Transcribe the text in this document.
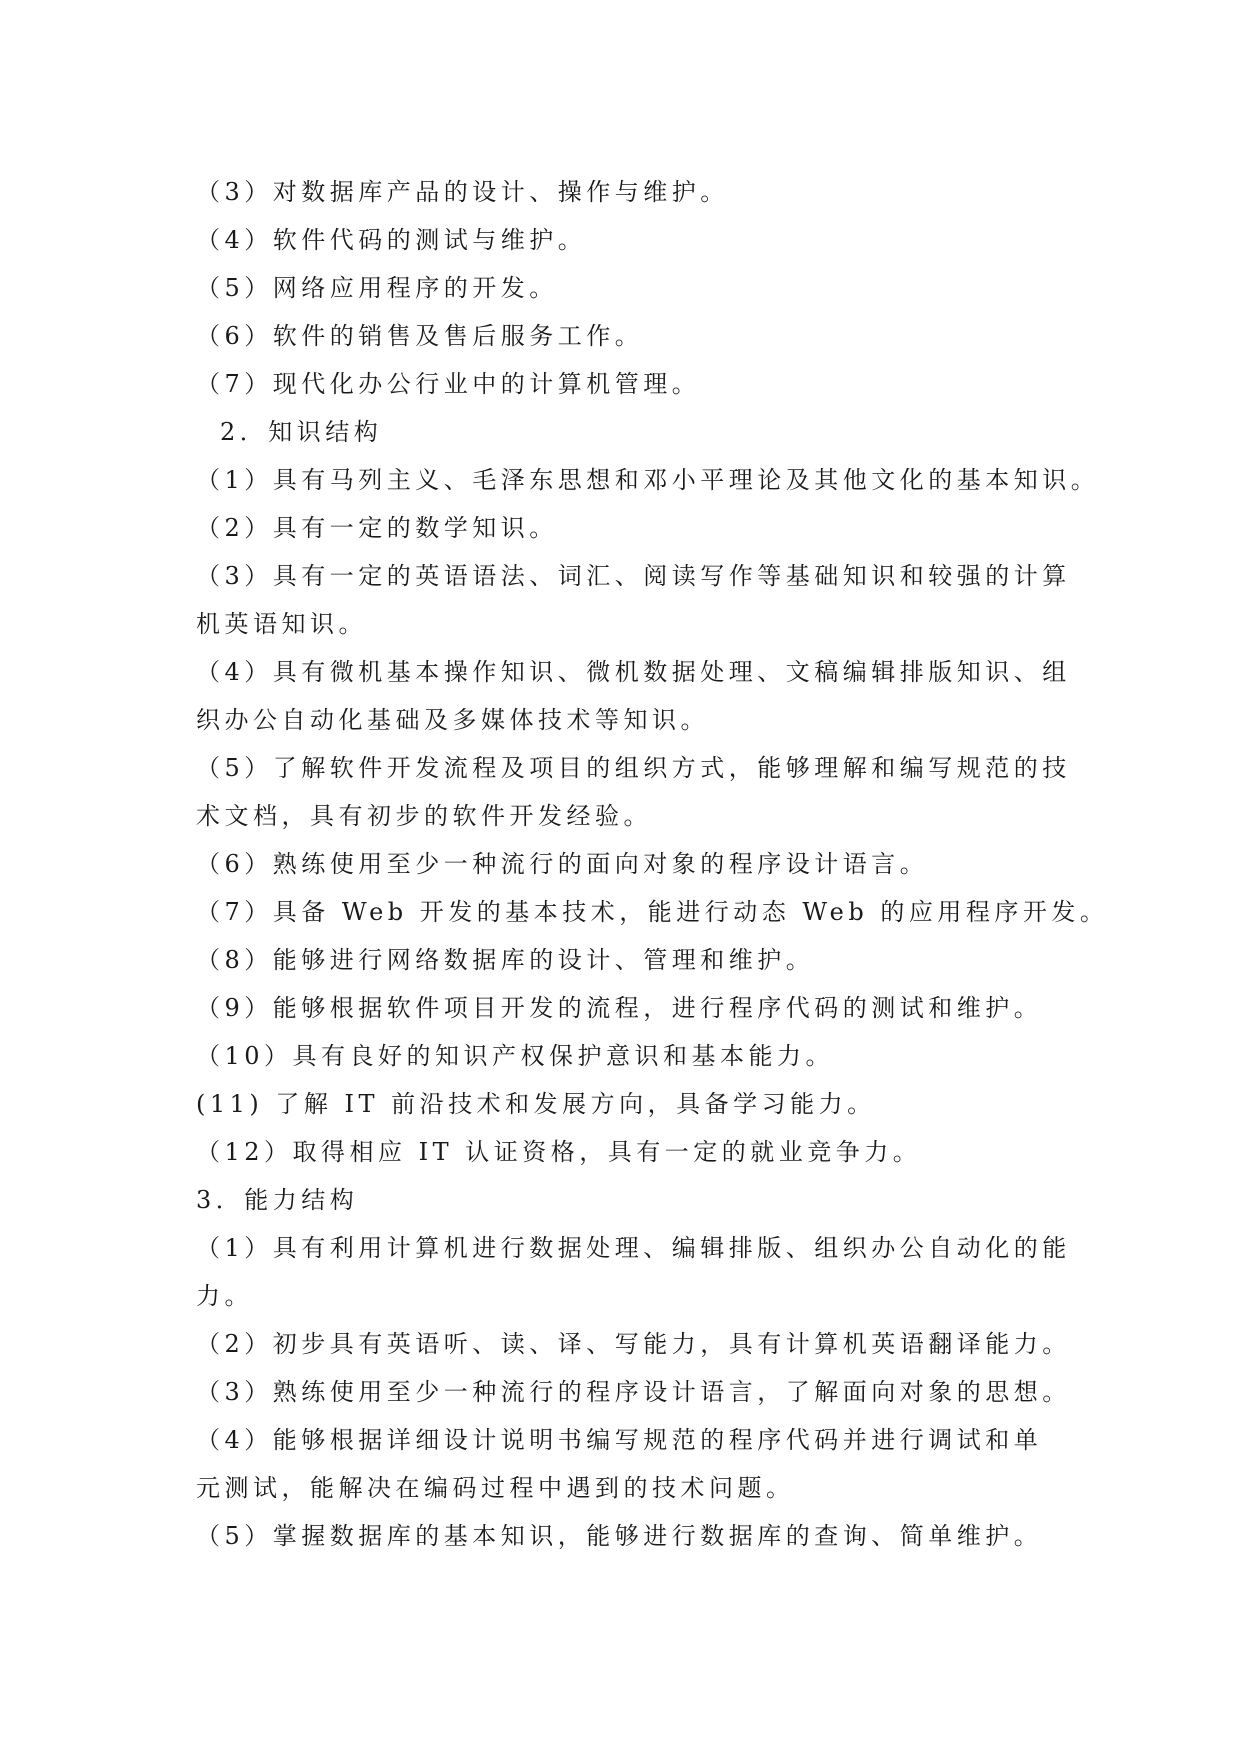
（3）对数据库产品的设计、操作与维护。
（4）软件代码的测试与维护。
（5）网络应用程序的开发。
（6）软件的销售及售后服务工作。
（7）现代化办公行业中的计算机管理。
2．知识结构
（1）具有马列主义、毛泽东思想和邓小平理论及其他文化的基本知识。
（2）具有一定的数学知识。
（3）具有一定的英语语法、词汇、阅读写作等基础知识和较强的计算
机英语知识。
（4）具有微机基本操作知识、微机数据处理、文稿编辑排版知识、组
织办公自动化基础及多媒体技术等知识。
（5）了解软件开发流程及项目的组织方式，能够理解和编写规范的技
术文档，具有初步的软件开发经验。
（6）熟练使用至少一种流行的面向对象的程序设计语言。
（7）具备 Web 开发的基本技术，能进行动态 Web 的应用程序开发。
（8）能够进行网络数据库的设计、管理和维护。
（9）能够根据软件项目开发的流程，进行程序代码的测试和维护。
（10）具有良好的知识产权保护意识和基本能力。
(11) 了解 IT 前沿技术和发展方向，具备学习能力。
（12）取得相应 IT 认证资格，具有一定的就业竞争力。
3．能力结构
（1）具有利用计算机进行数据处理、编辑排版、组织办公自动化的能
力。
（2）初步具有英语听、读、译、写能力，具有计算机英语翻译能力。
（3）熟练使用至少一种流行的程序设计语言，了解面向对象的思想。
（4）能够根据详细设计说明书编写规范的程序代码并进行调试和单
元测试，能解决在编码过程中遇到的技术问题。
（5）掌握数据库的基本知识，能够进行数据库的查询、简单维护。
